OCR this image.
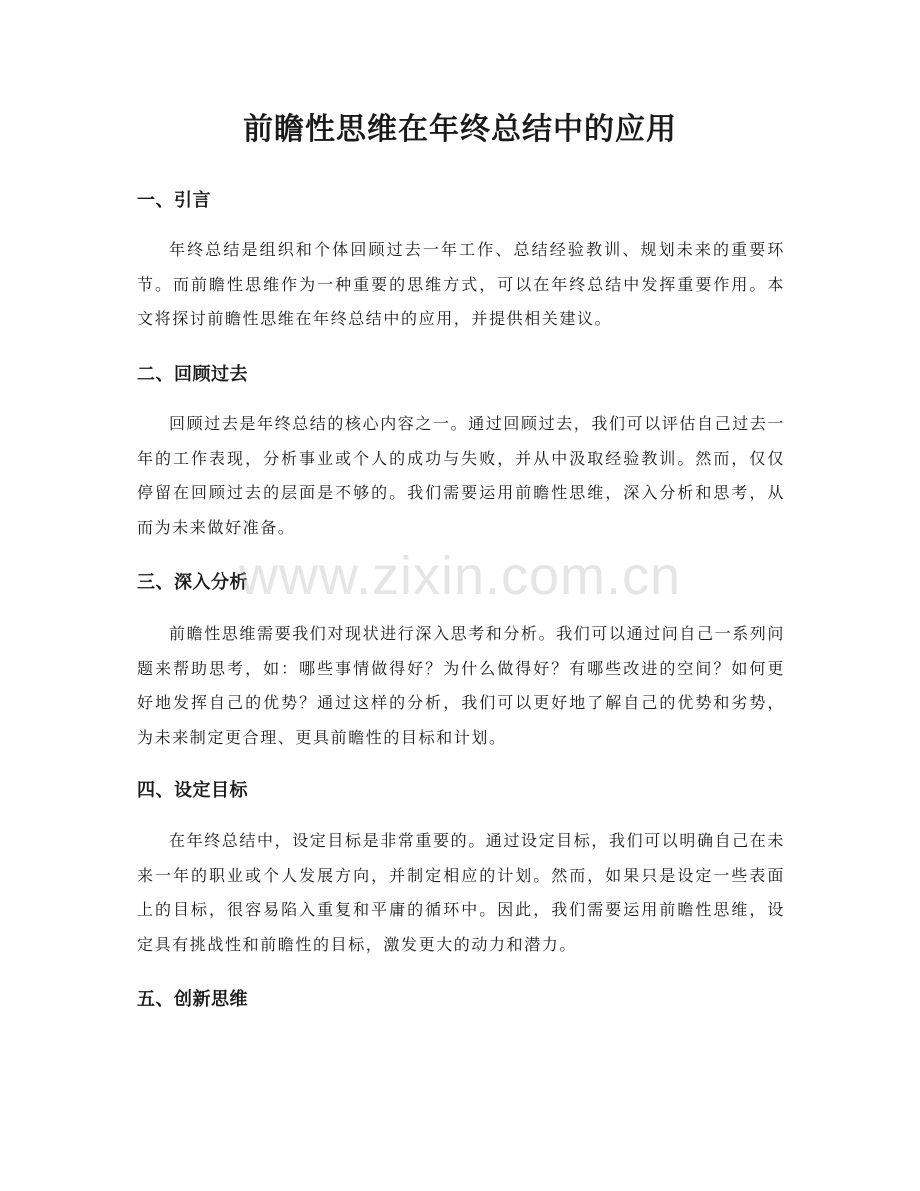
前瞻性思维在年终总结中的应用
一、引言

年终总结是组织和个体回顾过去一年工作、总结经验教训、规划未来的重要环节。而前瞻性思维作为一种重要的思维方式，可以在年终总结中发挥重要作用。本文将探讨前瞻性思维在年终总结中的应用，并提供相关建议。

二、回顾过去

回顾过去是年终总结的核心内容之一。通过回顾过去，我们可以评估自己过去一年的工作表现，分析事业或个人的成功与失败，并从中汲取经验教训。然而，仅仅停留在回顾过去的层面是不够的。我们需要运用前瞻性思维，深入分析和思考，从而为未来做好准备。

三、深入分析

前瞻性思维需要我们对现状进行深入思考和分析。我们可以通过问自己一系列问题来帮助思考，如：哪些事情做得好？为什么做得好？有哪些改进的空间？如何更好地发挥自己的优势？通过这样的分析，我们可以更好地了解自己的优势和劣势，为未来制定更合理、更具前瞻性的目标和计划。

四、设定目标

在年终总结中，设定目标是非常重要的。通过设定目标，我们可以明确自己在未来一年的职业或个人发展方向，并制定相应的计划。然而，如果只是设定一些表面上的目标，很容易陷入重复和平庸的循环中。因此，我们需要运用前瞻性思维，设定具有挑战性和前瞻性的目标，激发更大的动力和潜力。

五、创新思维
www.zixin.com.cn
